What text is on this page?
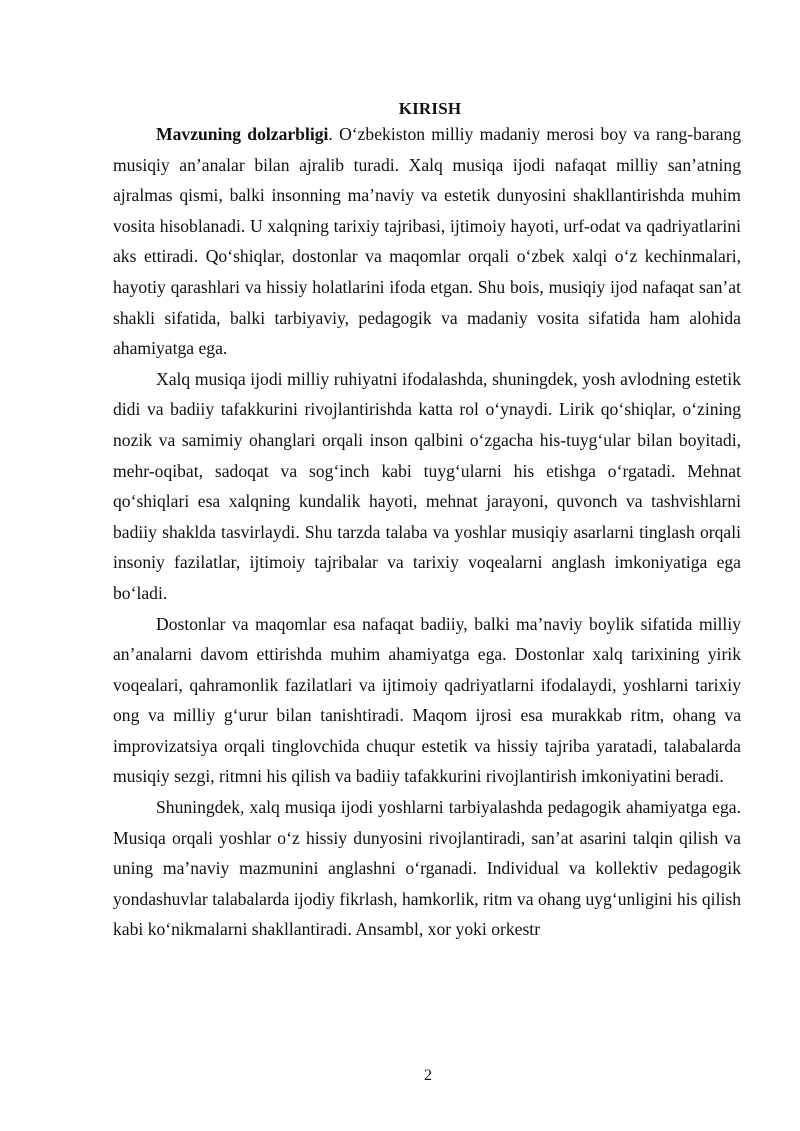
KIRISH

Mavzuning dolzarbligi. O‘zbekiston milliy madaniy merosi boy va rang-barang musiqiy an’analar bilan ajralib turadi. Xalq musiqa ijodi nafaqat milliy san’atning ajralmas qismi, balki insonning ma’naviy va estetik dunyosini shakllantirishda muhim vosita hisoblanadi. U xalqning tarixiy tajribasi, ijtimoiy hayoti, urf-odat va qadriyatlarini aks ettiradi. Qo‘shiqlar, dostonlar va maqomlar orqali o‘zbek xalqi o‘z kechinmalari, hayotiy qarashlari va hissiy holatlarini ifoda etgan. Shu bois, musiqiy ijod nafaqat san’at shakli sifatida, balki tarbiyaviy, pedagogik va madaniy vosita sifatida ham alohida ahamiyatga ega.

Xalq musiqa ijodi milliy ruhiyatni ifodalashda, shuningdek, yosh avlodning estetik didi va badiiy tafakkurini rivojlantirishda katta rol o‘ynaydi. Lirik qo‘shiqlar, o‘zining nozik va samimiy ohanglari orqali inson qalbini o‘zgacha his-tuyg‘ular bilan boyitadi, mehr-oqibat, sadoqat va sog‘inch kabi tuyg‘ularni his etishga o‘rgatadi. Mehnat qo‘shiqlari esa xalqning kundalik hayoti, mehnat jarayoni, quvonch va tashvishlarni badiiy shaklda tasvirlaydi. Shu tarzda talaba va yoshlar musiqiy asarlarni tinglash orqali insoniy fazilatlar, ijtimoiy tajribalar va tarixiy voqealarni anglash imkoniyatiga ega bo‘ladi.

Dostonlar va maqomlar esa nafaqat badiiy, balki ma’naviy boylik sifatida milliy an’analarni davom ettirishda muhim ahamiyatga ega. Dostonlar xalq tarixining yirik voqealari, qahramonlik fazilatlari va ijtimoiy qadriyatlarni ifodalaydi, yoshlarni tarixiy ong va milliy g‘urur bilan tanishtiradi. Maqom ijrosi esa murakkab ritm, ohang va improvizatsiya orqali tinglovchida chuqur estetik va hissiy tajriba yaratadi, talabalarda musiqiy sezgi, ritmni his qilish va badiiy tafakkurini rivojlantirish imkoniyatini beradi.

Shuningdek, xalq musiqa ijodi yoshlarni tarbiyalashda pedagogik ahamiyatga ega. Musiqa orqali yoshlar o‘z hissiy dunyosini rivojlantiradi, san’at asarini talqin qilish va uning ma’naviy mazmunini anglashni o‘rganadi. Individual va kollektiv pedagogik yondashuvlar talabalarda ijodiy fikrlash, hamkorlik, ritm va ohang uyg‘unligini his qilish kabi ko‘nikmalarni shakllantiradi. Ansambl, xor yoki orkestr

2
